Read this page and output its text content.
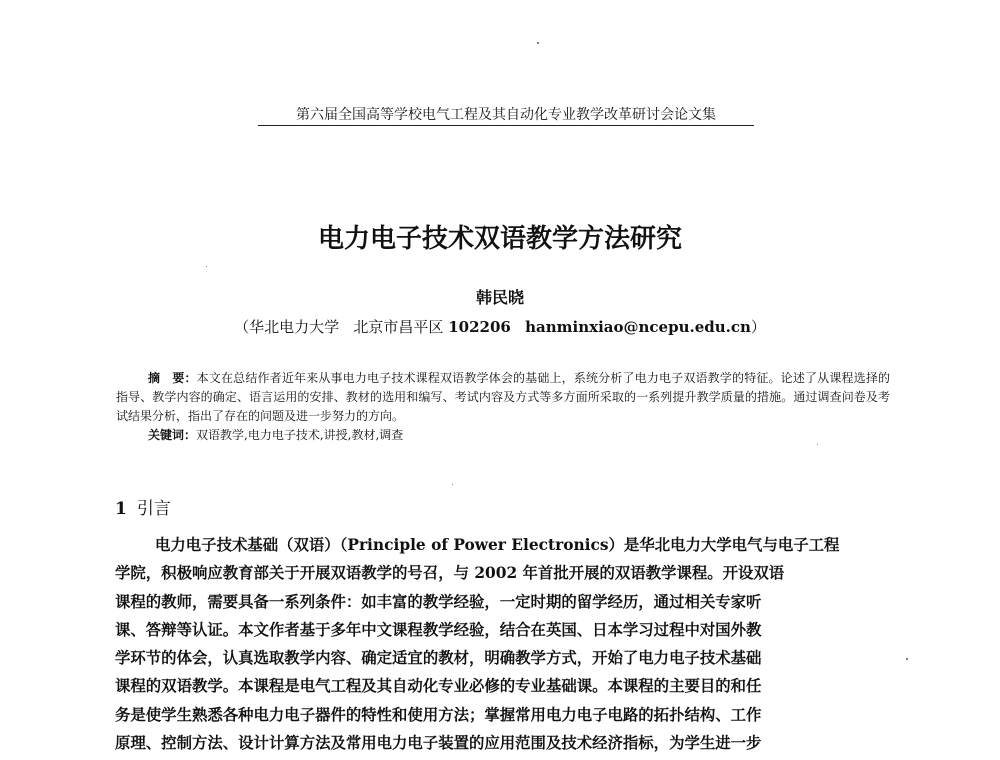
第六届全国高等学校电气工程及其自动化专业教学改革研讨会论文集
电力电子技术双语教学方法研究
韩民晓
（华北电力大学 北京市昌平区 102206 hanminxiao@ncepu.edu.cn）

摘　要：本文在总结作者近年来从事电力电子技术课程双语教学体会的基础上，系统分析了电力电子双语教学的特征。论述了从课程选择的指导、教学内容的确定、语言运用的安排、教材的选用和编写、考试内容及方式等多方面所采取的一系列提升教学质量的措施。通过调查问卷及考试结果分析，指出了存在的问题及进一步努力的方向。

关键词：双语教学,电力电子技术,讲授,教材,调查
1 引言
电力电子技术基础（双语）（Principle of Power Electronics）是华北电力大学电气与电子工程
学院，积极响应教育部关于开展双语教学的号召，与 2002 年首批开展的双语教学课程。开设双语
课程的教师，需要具备一系列条件：如丰富的教学经验，一定时期的留学经历，通过相关专家听
课、答辩等认证。本文作者基于多年中文课程教学经验，结合在英国、日本学习过程中对国外教
学环节的体会，认真选取教学内容、确定适宜的教材，明确教学方式，开始了电力电子技术基础
课程的双语教学。本课程是电气工程及其自动化专业必修的专业基础课。本课程的主要目的和任
务是使学生熟悉各种电力电子器件的特性和使用方法；掌握常用电力电子电路的拓扑结构、工作
原理、控制方法、设计计算方法及常用电力电子装置的应用范围及技术经济指标，为学生进一步
